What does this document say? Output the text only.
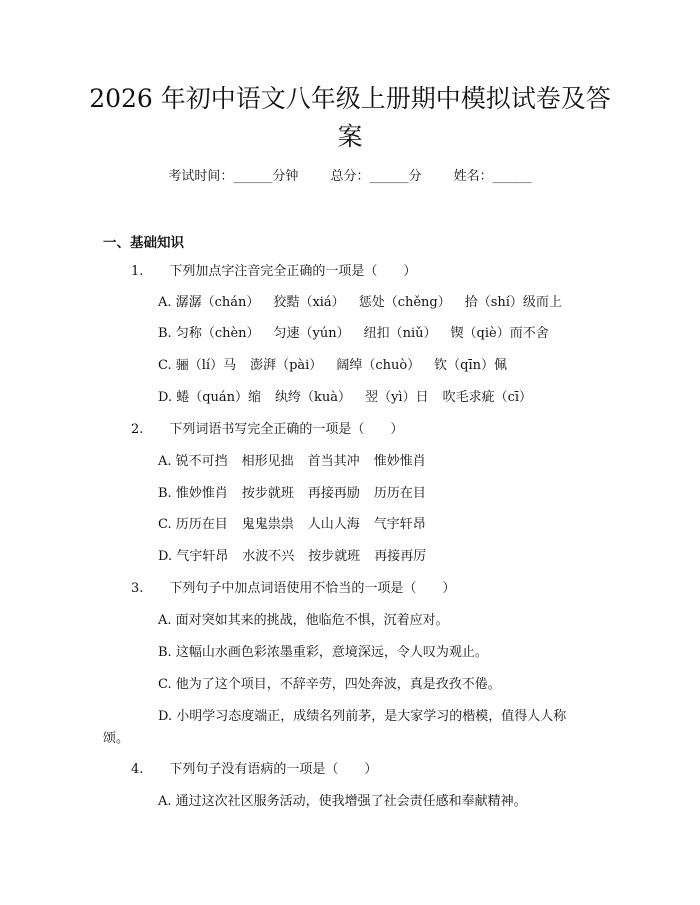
2026 年初中语文八年级上册期中模拟试卷及答案
考试时间：______分钟 总分：______分 姓名：______
一、基础知识
1.　　下列加点字注音完全正确的一项是（　　）
A. 潺潺（chán） 狡黠（xiá） 惩处（chěng） 拾（shí）级而上
B. 匀称（chèn） 匀速（yún） 纽扣（niǔ） 锲（qiè）而不舍
C. 骊（lí）马 澎湃（pài） 阔绰（chuò） 钦（qīn）佩
D. 蜷（quán）缩 纨绔（kuà） 翌（yì）日 吹毛求疵（cī）
2.　　下列词语书写完全正确的一项是（　　）
A. 锐不可挡 相形见拙 首当其冲 惟妙惟肖
B. 惟妙惟肖 按步就班 再接再励 历历在目
C. 历历在目 鬼鬼祟祟 人山人海 气宇轩昂
D. 气宇轩昂 水波不兴 按步就班 再接再厉
3.　　下列句子中加点词语使用不恰当的一项是（　　）
A. 面对突如其来的挑战，他临危不惧，沉着应对。
B. 这幅山水画色彩浓墨重彩，意境深远，令人叹为观止。
C. 他为了这个项目，不辞辛劳，四处奔波，真是孜孜不倦。
D. 小明学习态度端正，成绩名列前茅，是大家学习的楷模，值得人人称
颂。
4.　　下列句子没有语病的一项是（　　）
A. 通过这次社区服务活动，使我增强了社会责任感和奉献精神。
